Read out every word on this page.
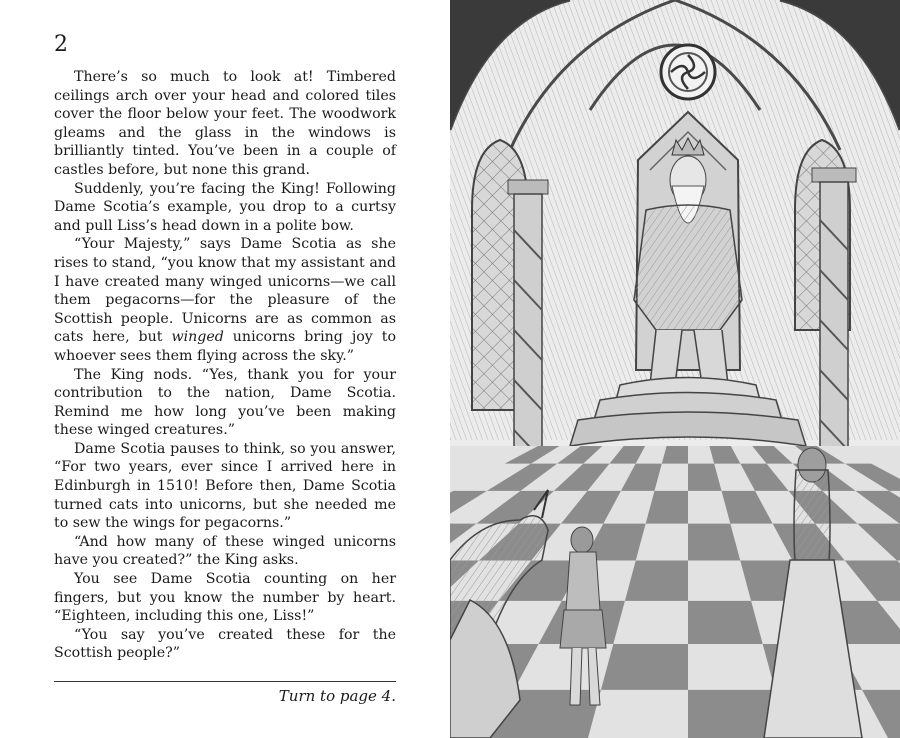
2

There’s so much to look at! Timbered ceilings arch over your head and colored tiles cover the floor below your feet. The woodwork gleams and the glass in the windows is brilliantly tinted. You’ve been in a couple of castles before, but none this grand.

Suddenly, you’re facing the King! Following Dame Scotia’s example, you drop to a curtsy and pull Liss’s head down in a polite bow.

“Your Majesty,” says Dame Scotia as she rises to stand, “you know that my assistant and I have created many winged unicorns—we call them pegacorns—for the pleasure of the Scottish people. Unicorns are as common as cats here, but winged unicorns bring joy to whoever sees them flying across the sky.”

The King nods. “Yes, thank you for your contribution to the nation, Dame Scotia. Remind me how long you’ve been making these winged creatures.”

Dame Scotia pauses to think, so you answer, “For two years, ever since I arrived here in Edinburgh in 1510! Before then, Dame Scotia turned cats into unicorns, but she needed me to sew the wings for pegacorns.”

“And how many of these winged unicorns have you created?” the King asks.

You see Dame Scotia counting on her fingers, but you know the number by heart. “Eighteen, including this one, Liss!”

“You say you’ve created these for the Scottish people?”

Turn to page 4.
